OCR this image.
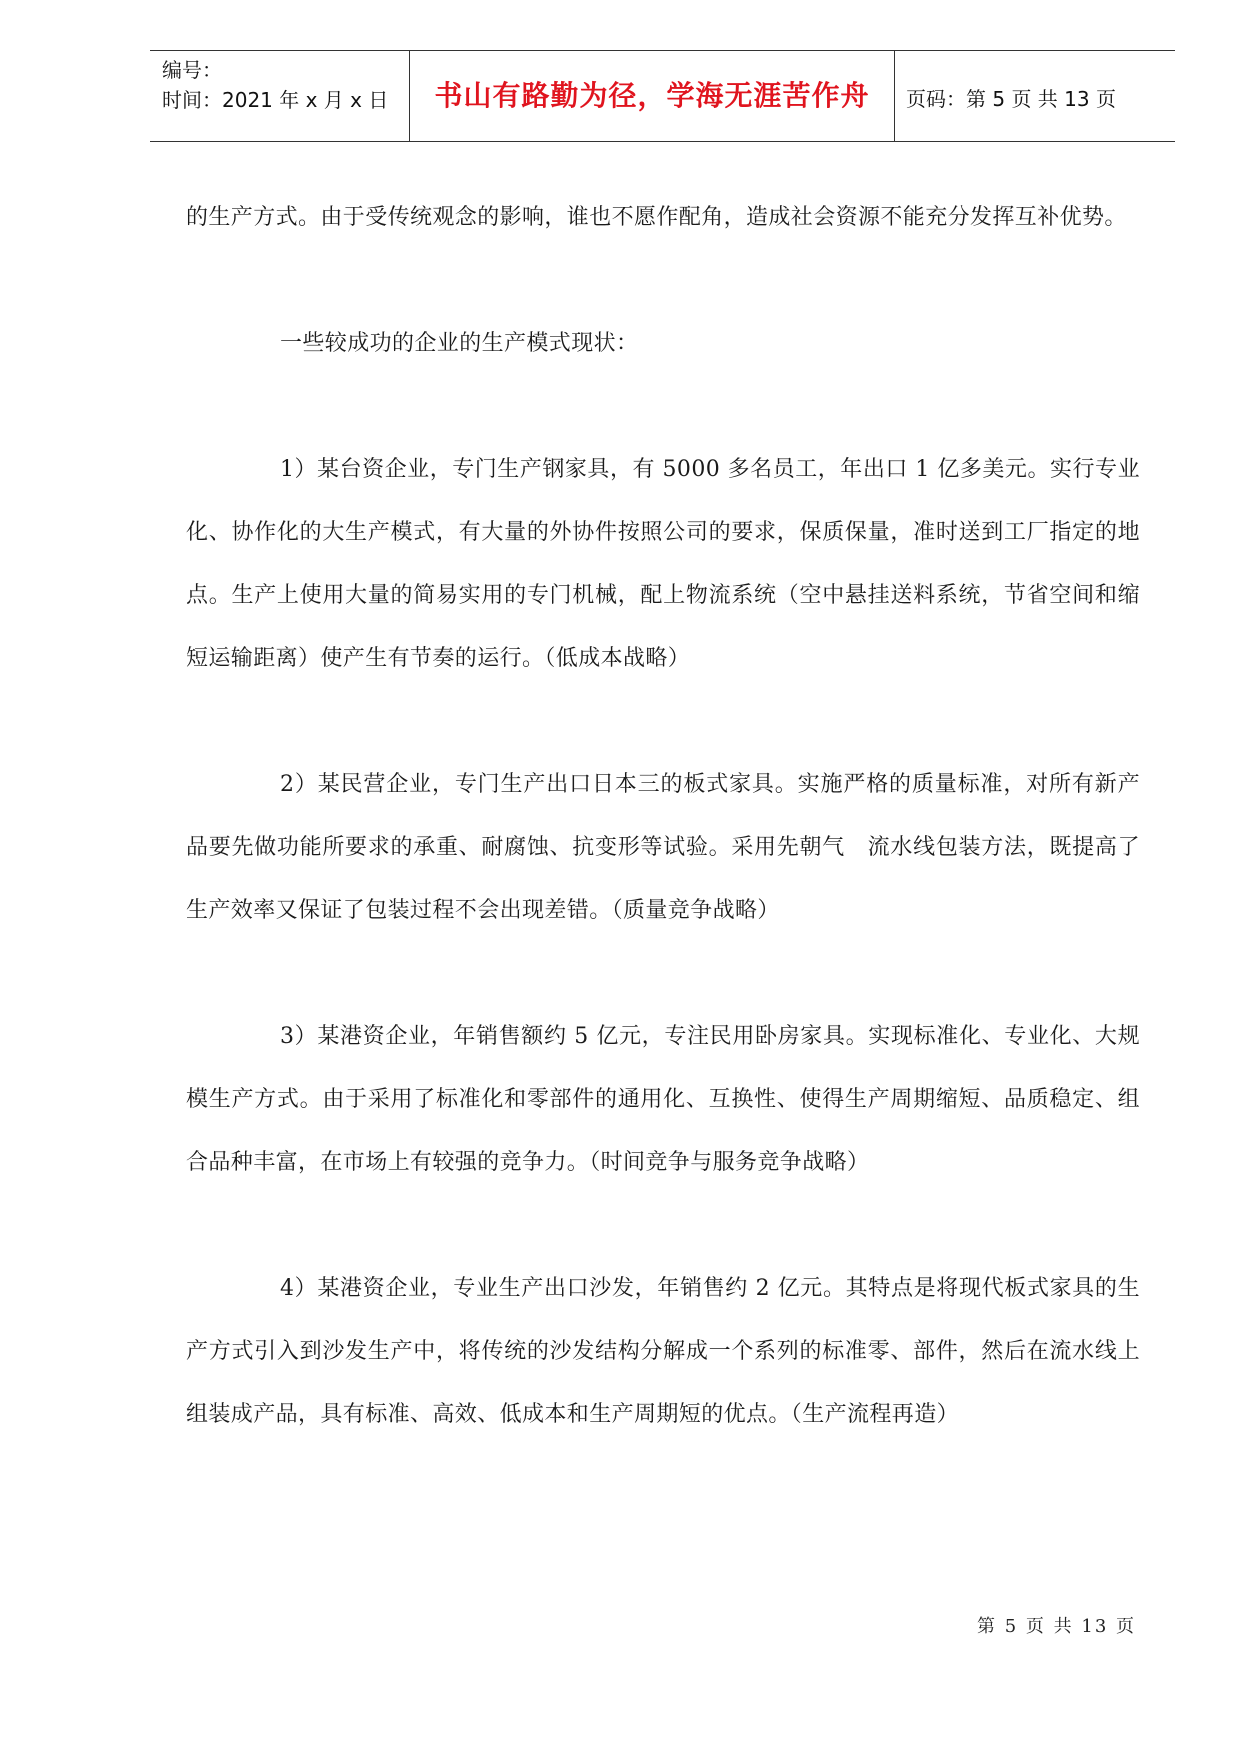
编号：
时间：2021 年 x 月 x 日	书山有路勤为径，学海无涯苦作舟	页码：第 5 页 共 13 页

的生产方式。由于受传统观念的影响，谁也不愿作配角，造成社会资源不能充分发挥互补优势。

一些较成功的企业的生产模式现状：

1）某台资企业，专门生产钢家具，有 5000 多名员工，年出口 1 亿多美元。实行专业化、协作化的大生产模式，有大量的外协件按照公司的要求，保质保量，准时送到工厂指定的地点。生产上使用大量的简易实用的专门机械，配上物流系统（空中悬挂送料系统，节省空间和缩短运输距离）使产生有节奏的运行。（低成本战略）

2）某民营企业，专门生产出口日本三的板式家具。实施严格的质量标准，对所有新产品要先做功能所要求的承重、耐腐蚀、抗变形等试验。采用先朝气　流水线包装方法，既提高了生产效率又保证了包装过程不会出现差错。（质量竞争战略）

3）某港资企业，年销售额约 5 亿元，专注民用卧房家具。实现标准化、专业化、大规模生产方式。由于采用了标准化和零部件的通用化、互换性、使得生产周期缩短、品质稳定、组合品种丰富，在市场上有较强的竞争力。（时间竞争与服务竞争战略）

4）某港资企业，专业生产出口沙发，年销售约 2 亿元。其特点是将现代板式家具的生产方式引入到沙发生产中，将传统的沙发结构分解成一个系列的标准零、部件，然后在流水线上组装成产品，具有标准、高效、低成本和生产周期短的优点。（生产流程再造）

第 5 页 共 13 页
